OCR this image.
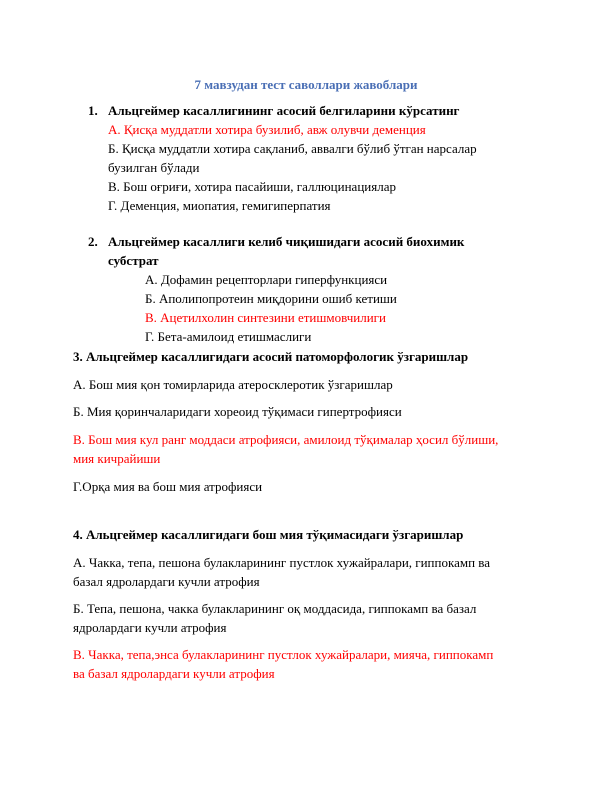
7 мавзудан тест саволлари жавоблари
1. Альцгеймер касаллигининг асосий белгиларини кўрсатинг
А. Қисқа муддатли хотира бузилиб, авж олувчи деменция
Б. Қисқа муддатли хотира сақланиб, аввалги бўлиб ўтган нарсалар
бузилган бўлади
В. Бош оғриғи, хотира пасайиши, галлюцинациялар
Г. Деменция, миопатия, гемигиперпатия
2. Альцгеймер касаллиги келиб чиқишидаги асосий биохимик
субстрат
А. Дофамин рецепторлари гиперфункцияси
Б. Аполипопротеин миқдорини ошиб кетиши
В. Ацетилхолин синтезини етишмовчилиги
Г. Бета-амилоид етишмаслиги
3. Альцгеймер касаллигидаги асосий патоморфологик ўзгаришлар
А. Бош мия қон томирларида атеросклеротик ўзгаришлар
Б. Мия қоринчаларидаги хореоид тўқимаси гипертрофияси
В. Бош мия кул ранг моддаси атрофияси, амилоид тўқималар ҳосил бўлиши,
мия кичрайиши
Г.Орқа мия ва бош мия атрофияси
4. Альцгеймер касаллигидаги бош мия тўқимасидаги ўзгаришлар
А. Чакка, тепа, пешона булакларининг пустлок хужайралари, гиппокамп ва
базал ядролардаги кучли атрофия
Б. Тепа, пешона, чакка булакларининг оқ моддасида, гиппокамп ва базал
ядролардаги кучли атрофия
В. Чакка, тепа,энса булакларининг пустлок хужайралари, мияча, гиппокамп
ва базал ядролардаги кучли атрофия
